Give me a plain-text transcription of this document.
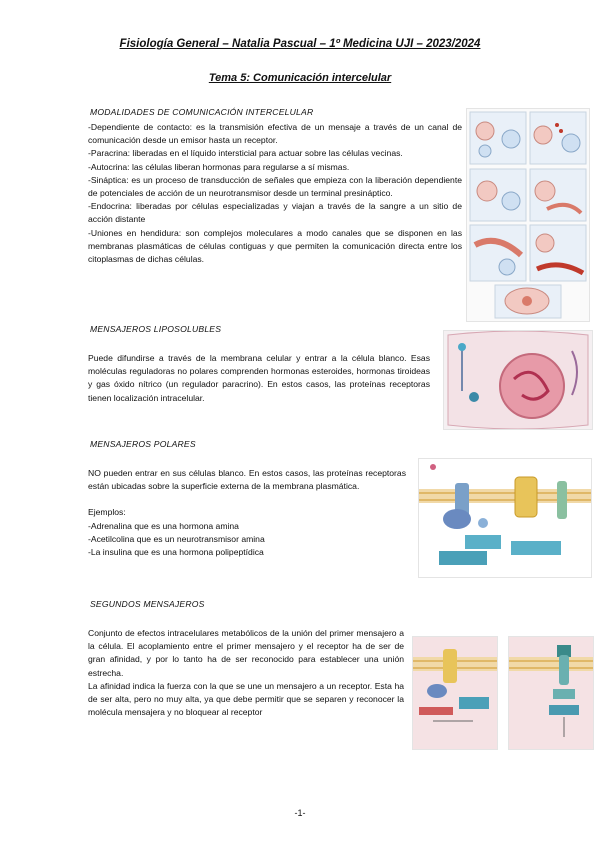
Fisiología General – Natalia Pascual – 1º Medicina UJI – 2023/2024
Tema 5: Comunicación intercelular
MODALIDADES DE COMUNICACIÓN INTERCELULAR

-Dependiente de contacto: es la transmisión efectiva de un mensaje a través de un canal de comunicación desde un emisor hasta un receptor.

-Paracrina: liberadas en el líquido intersticial para actuar sobre las células vecinas.

-Autocrina: las células liberan hormonas para regularse a sí mismas.

-Sináptica: es un proceso de transducción de señales que empieza con la liberación dependiente de potenciales de acción de un neurotransmisor desde un terminal presináptico.

-Endocrina: liberadas por células especializadas y viajan a través de la sangre a un sitio de acción distante

-Uniones en hendidura: son complejos moleculares a modo canales que se disponen en las membranas plasmáticas de células contiguas y que permiten la comunicación directa entre los citoplasmas de dichas células.

MENSAJEROS LIPOSOLUBLES
Puede difundirse a través de la membrana celular y entrar a la célula blanco. Esas moléculas reguladoras no polares comprenden hormonas esteroides, hormonas tiroideas y gas óxido nítrico (un regulador paracrino). En estos casos, las proteínas receptoras tienen localización intracelular.
MENSAJEROS POLARES

NO pueden entrar en sus células blanco. En estos casos, las proteínas receptoras están ubicadas sobre la superficie externa de la membrana plasmática.

Ejemplos:

-Adrenalina que es una hormona amina

-Acetilcolina que es un neurotransmisor amina

-La insulina que es una hormona polipeptídica

SEGUNDOS MENSAJEROS

Conjunto de efectos intracelulares metabólicos de la unión del primer mensajero a la célula. El acoplamiento entre el primer mensajero y el receptor ha de ser de gran afinidad, y por lo tanto ha de ser reconocido para establecer una unión estrecha.

La afinidad indica la fuerza con la que se une un mensajero a un receptor. Esta ha de ser alta, pero no muy alta, ya que debe permitir que se separen y reconocer la molécula mensajera y no bloquear al receptor

-1-
